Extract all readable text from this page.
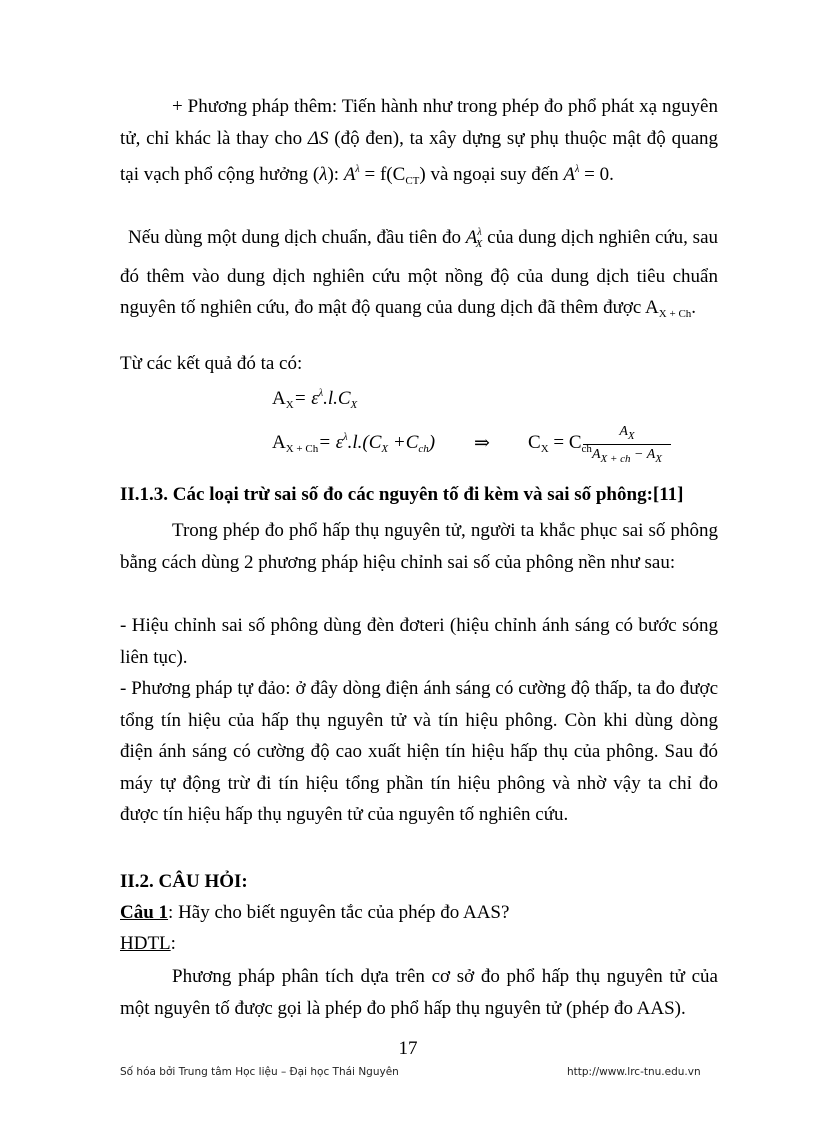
+ Phương pháp thêm: Tiến hành như trong phép đo phổ phát xạ nguyên tử, chỉ khác là thay cho ΔS (độ đen), ta xây dựng sự phụ thuộc mật độ quang tại vạch phổ cộng hưởng (λ): $A^\lambda = f(C_{CT})$ và ngoại suy đến $A^\lambda = 0$.

Nếu dùng một dung dịch chuẩn, đầu tiên đo $A^\lambda_X$ của dung dịch nghiên cứu, sau đó thêm vào dung dịch nghiên cứu một nồng độ của dung dịch tiêu chuẩn nguyên tố nghiên cứu, đo mật độ quang của dung dịch đã thêm được $A_{X + Ch}$.

Từ các kết quả đó ta có:
$A_X= \varepsilon^\lambda.l.C_X$
$A_{X + Ch}= \varepsilon^\lambda.l.(C_X +C_{ch})$ ⇒ $C_X = C_{ch}$
$\frac{A_X}{A_{X + ch} - A_X}$
II.1.3. Các loại trừ sai số đo các nguyên tố đi kèm và sai số phông:[11]

Trong phép đo phổ hấp thụ nguyên tử, người ta khắc phục sai số phông bằng cách dùng 2 phương pháp hiệu chỉnh sai số của phông nền như sau:

- Hiệu chỉnh sai số phông dùng đèn đơteri (hiệu chỉnh ánh sáng có bước sóng liên tục).

- Phương pháp tự đảo: ở đây dòng điện ánh sáng có cường độ thấp, ta đo được tổng tín hiệu của hấp thụ nguyên tử và tín hiệu phông. Còn khi dùng dòng điện ánh sáng có cường độ cao xuất hiện tín hiệu hấp thụ của phông. Sau đó máy tự động trừ đi tín hiệu tổng phần tín hiệu phông và nhờ vậy ta chỉ đo được tín hiệu hấp thụ nguyên tử của nguyên tố nghiên cứu.

II.2. CÂU HỎI:
Câu 1: Hãy cho biết nguyên tắc của phép đo AAS?
HDTL:

Phương pháp phân tích dựa trên cơ sở đo phổ hấp thụ nguyên tử của một nguyên tố được gọi là phép đo phổ hấp thụ nguyên tử (phép đo AAS).

17
Số hóa bởi Trung tâm Học liệu – Đại học Thái Nguyên	http://www.lrc-tnu.edu.vn
